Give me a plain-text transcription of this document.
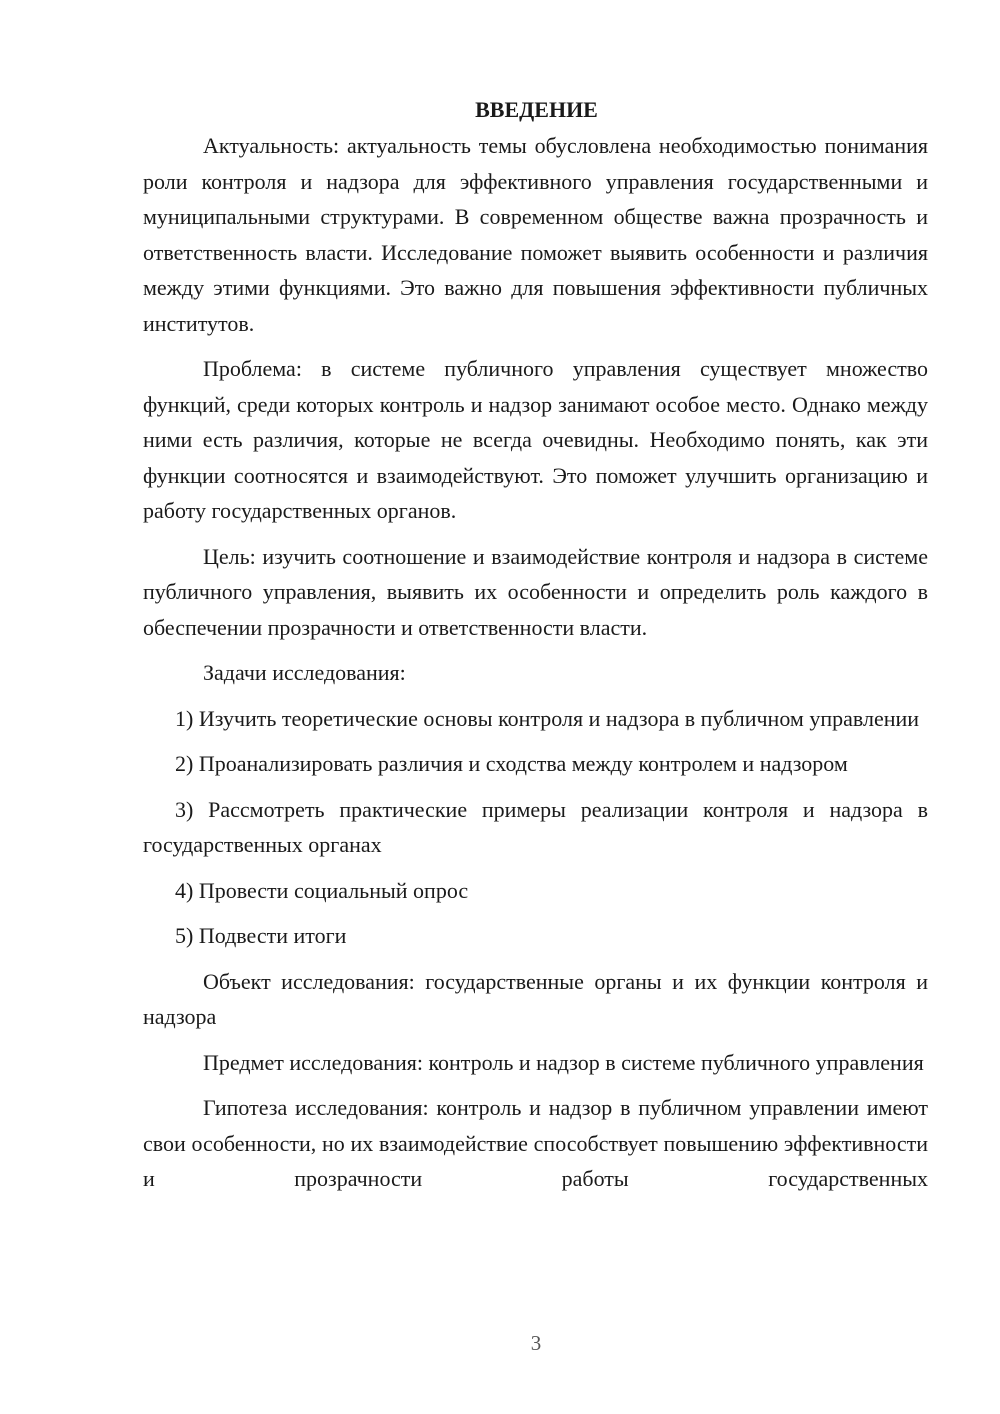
ВВЕДЕНИЕ

Актуальность: актуальность темы обусловлена необходимостью понимания роли контроля и надзора для эффективного управления государственными и муниципальными структурами. В современном обществе важна прозрачность и ответственность власти. Исследование поможет выявить особенности и различия между этими функциями. Это важно для повышения эффективности публичных институтов.

Проблема: в системе публичного управления существует множество функций, среди которых контроль и надзор занимают особое место. Однако между ними есть различия, которые не всегда очевидны. Необходимо понять, как эти функции соотносятся и взаимодействуют. Это поможет улучшить организацию и работу государственных органов.

Цель: изучить соотношение и взаимодействие контроля и надзора в системе публичного управления, выявить их особенности и определить роль каждого в обеспечении прозрачности и ответственности власти.

Задачи исследования:

1) Изучить теоретические основы контроля и надзора в публичном управлении

2) Проанализировать различия и сходства между контролем и надзором

3) Рассмотреть практические примеры реализации контроля и надзора в государственных органах

4) Провести социальный опрос

5) Подвести итоги

Объект исследования: государственные органы и их функции контроля и надзора

Предмет исследования: контроль и надзор в системе публичного управления

Гипотеза исследования: контроль и надзор в публичном управлении имеют свои особенности, но их взаимодействие способствует повышению эффективности и прозрачности работы государственных

3
